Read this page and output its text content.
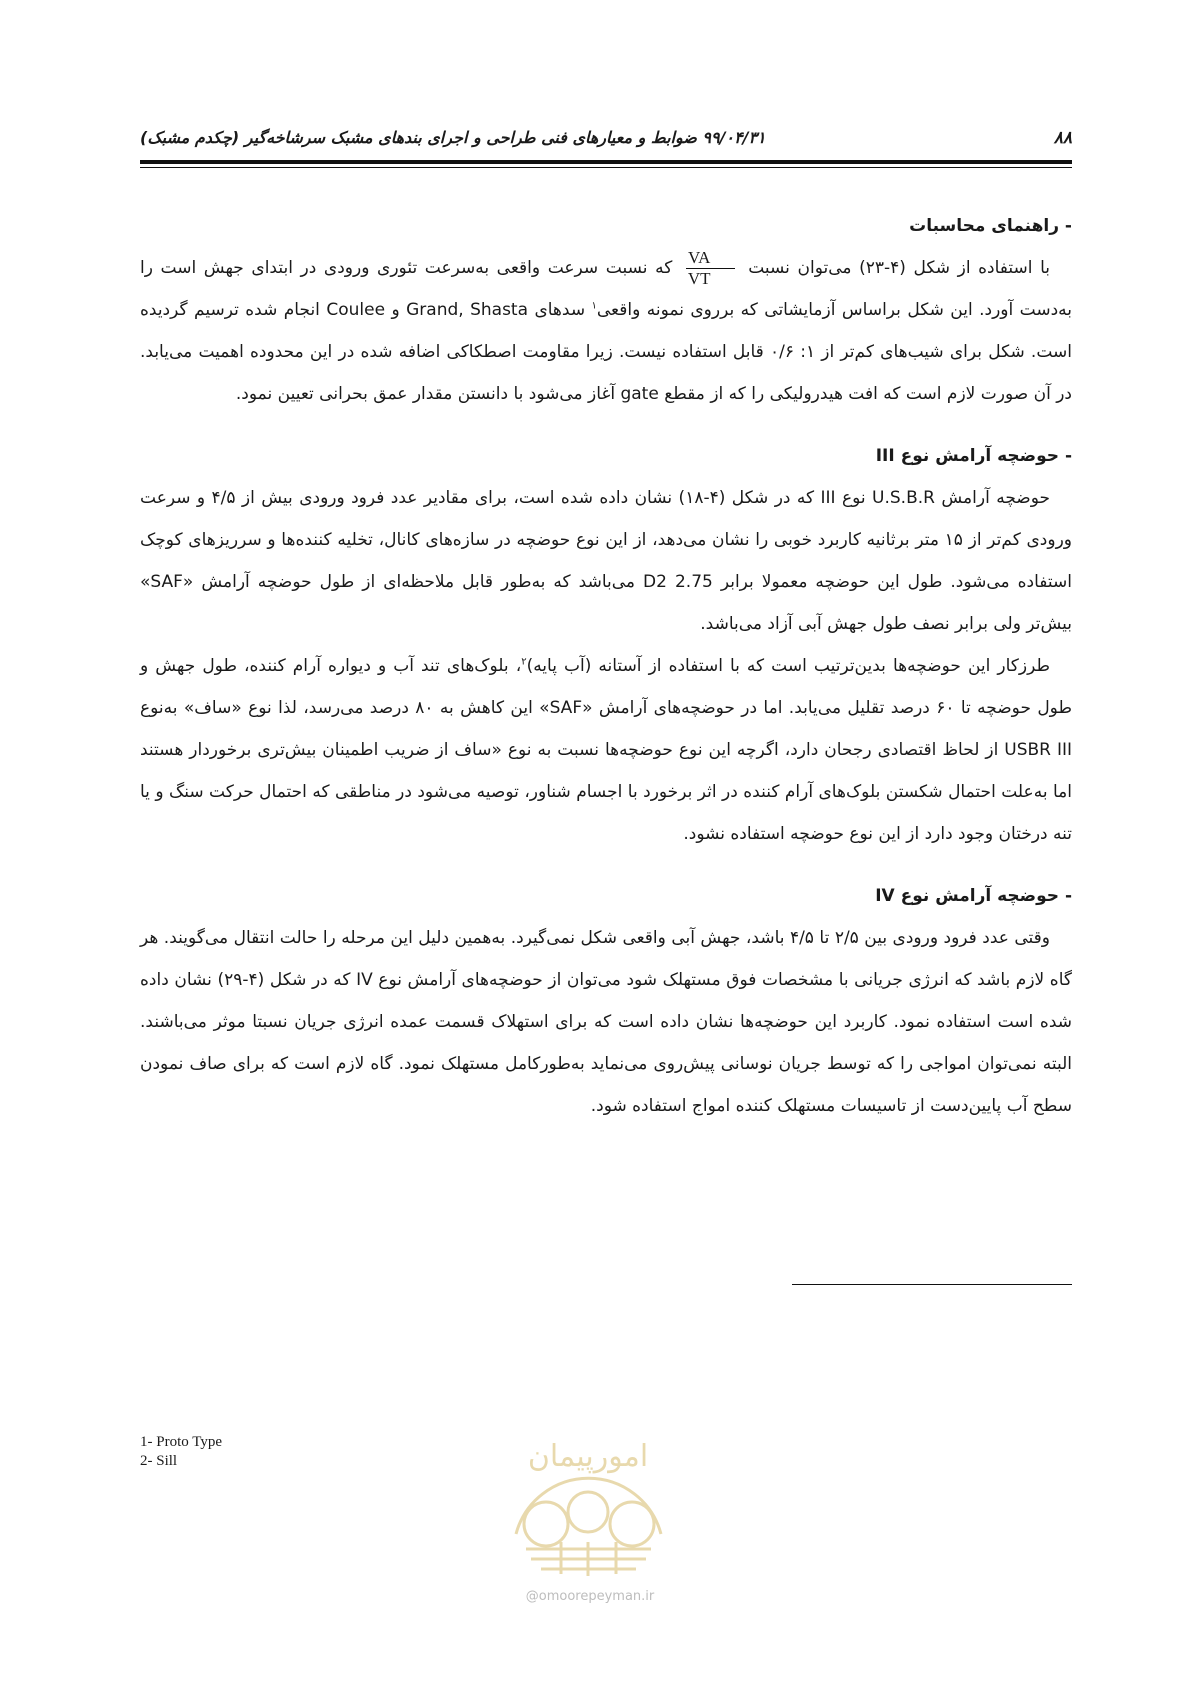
۸۸
۹۹/۰۴/۳۱ ضوابط و معیارهای فنی طراحی و اجرای بندهای مشبک سرشاخه‌گیر (چکدم مشبک)
- راهنمای محاسبات

با استفاده از شکل (۴-۲۳) می‌توان نسبت
$\frac{VA}{VT}$
که نسبت سرعت واقعی به‌سرعت تئوری ورودی در ابتدای جهش است را به‌دست آورد. این شکل براساس آزمایشاتی که برروی نمونه واقعی$^۱$ سدهای Grand, Shasta و Coulee انجام شده ترسیم گردیده است. شکل برای شیب‌های کم‌تر از ۱: ۰/۶ قابل استفاده نیست. زیرا مقاومت اصطکاکی اضافه شده در این محدوده اهمیت می‌یابد. در آن صورت لازم است که افت هیدرولیکی را که از مقطع gate آغاز می‌شود با دانستن مقدار عمق بحرانی تعیین نمود.

- حوضچه آرامش نوع III

حوضچه آرامش U.S.B.R نوع III که در شکل (۴-۱۸) نشان داده شده است، برای مقادیر عدد فرود ورودی بیش از ۴/۵ و سرعت ورودی کم‌تر از ۱۵ متر برثانیه کاربرد خوبی را نشان می‌دهد، از این نوع حوضچه در سازه‌های کانال، تخلیه کننده‌ها و سرریزهای کوچک استفاده می‌شود. طول این حوضچه معمولا برابر 2.75 D2 می‌باشد که به‌طور قابل ملاحظه‌ای از طول حوضچه آرامش «SAF» بیش‌تر ولی برابر نصف طول جهش آبی آزاد می‌باشد.

طرزکار این حوضچه‌ها بدین‌ترتیب است که با استفاده از آستانه (آب پایه)$^۲$، بلوک‌های تند آب و دیواره آرام کننده، طول جهش و طول حوضچه تا ۶۰ درصد تقلیل می‌یابد. اما در حوضچه‌های آرامش «SAF» این کاهش به ۸۰ درصد می‌رسد، لذا نوع «ساف» به‌نوع USBR III از لحاظ اقتصادی رجحان دارد، اگرچه این نوع حوضچه‌ها نسبت به نوع «ساف از ضریب اطمینان بیش‌تری برخوردار هستند اما به‌علت احتمال شکستن بلوک‌های آرام کننده در اثر برخورد با اجسام شناور، توصیه می‌شود در مناطقی که احتمال حرکت سنگ و یا تنه درختان وجود دارد از این نوع حوضچه استفاده نشود.

- حوضچه آرامش نوع IV

وقتی عدد فرود ورودی بین ۲/۵ تا ۴/۵ باشد، جهش آبی واقعی شکل نمی‌گیرد. به‌همین دلیل این مرحله را حالت انتقال می‌گویند. هر گاه لازم باشد که انرژی جریانی با مشخصات فوق مستهلک شود می‌توان از حوضچه‌های آرامش نوع IV که در شکل (۴-۲۹) نشان داده شده است استفاده نمود. کاربرد این حوضچه‌ها نشان داده است که برای استهلاک قسمت عمده انرژی جریان نسبتا موثر می‌باشند. البته نمی‌توان امواجی را که توسط جریان نوسانی پیش‌روی می‌نماید به‌طورکامل مستهلک نمود. گاه لازم است که برای صاف نمودن سطح آب پایین‌دست از تاسیسات مستهلک کننده امواج استفاده شود.

1- Proto Type
2- Sill	امورپیمان
@omoorepeyman.ir
